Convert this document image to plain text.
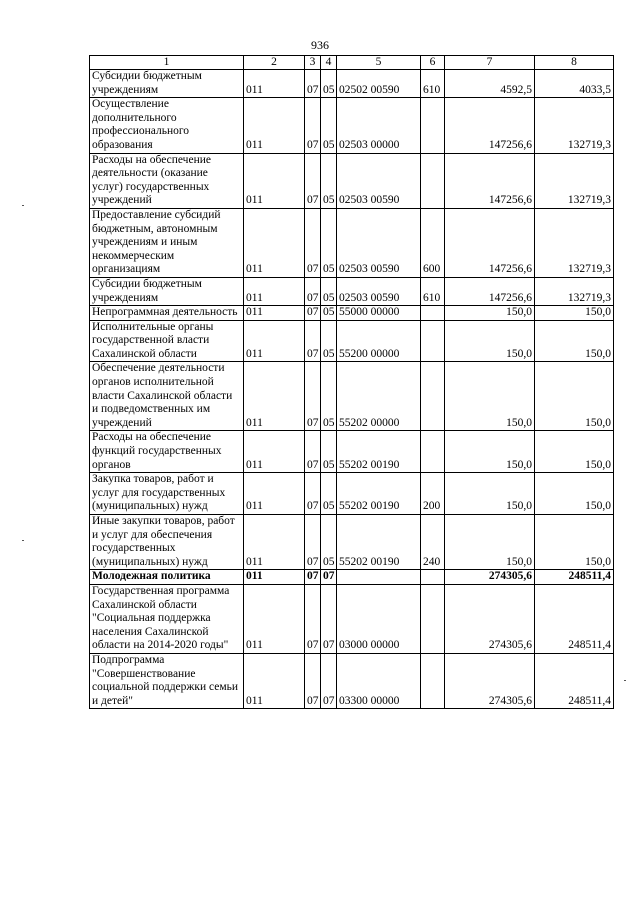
936
1	2	3	4	5	6	7	8
Субсидии бюджетным учреждениям	011	07	05	02502 00590	610	4592,5	4033,5
Осуществление дополнительного профессионального образования	011	07	05	02503 00000		147256,6	132719,3
Расходы на обеспечение деятельности (оказание услуг) государственных учреждений	011	07	05	02503 00590		147256,6	132719,3
Предоставление субсидий бюджетным, автономным учреждениям и иным некоммерческим организациям	011	07	05	02503 00590	600	147256,6	132719,3
Субсидии бюджетным учреждениям	011	07	05	02503 00590	610	147256,6	132719,3
Непрограммная деятельность	011	07	05	55000 00000		150,0	150,0
Исполнительные органы государственной власти Сахалинской области	011	07	05	55200 00000		150,0	150,0
Обеспечение деятельности органов исполнительной власти Сахалинской области и подведомственных им учреждений	011	07	05	55202 00000		150,0	150,0
Расходы на обеспечение функций государственных органов	011	07	05	55202 00190		150,0	150,0
Закупка товаров, работ и услуг для государственных (муниципальных) нужд	011	07	05	55202 00190	200	150,0	150,0
Иные закупки товаров, работ и услуг для обеспечения государственных (муниципальных) нужд	011	07	05	55202 00190	240	150,0	150,0
Молодежная политика	011	07	07			274305,6	248511,4
Государственная программа Сахалинской области "Социальная поддержка населения Сахалинской области на 2014-2020 годы"	011	07	07	03000 00000		274305,6	248511,4
Подпрограмма "Совершенствование социальной поддержки семьи и детей"	011	07	07	03300 00000		274305,6	248511,4
